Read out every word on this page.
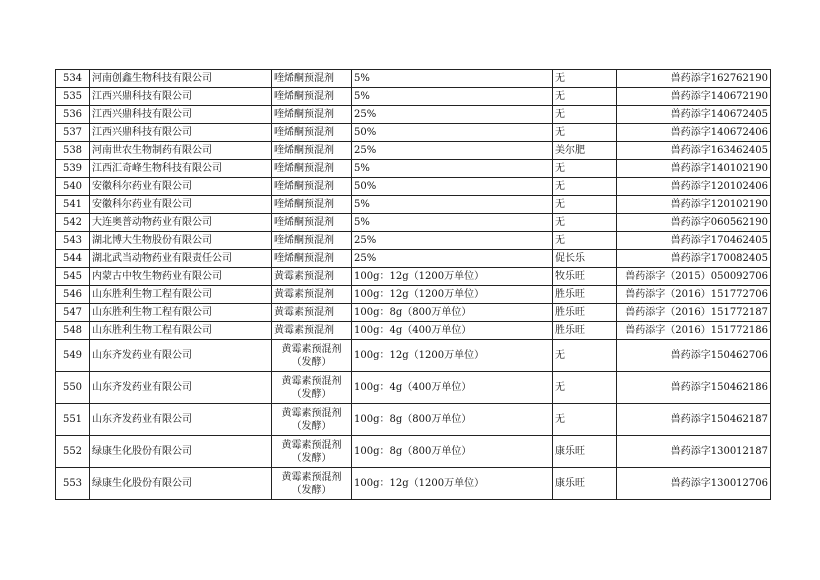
534	河南创鑫生物科技有限公司	喹烯酮预混剂	5%	无	兽药添字162762190
535	江西兴鼎科技有限公司	喹烯酮预混剂	5%	无	兽药添字140672190
536	江西兴鼎科技有限公司	喹烯酮预混剂	25%	无	兽药添字140672405
537	江西兴鼎科技有限公司	喹烯酮预混剂	50%	无	兽药添字140672406
538	河南世农生物制药有限公司	喹烯酮预混剂	25%	美尔肥	兽药添字163462405
539	江西汇奇峰生物科技有限公司	喹烯酮预混剂	5%	无	兽药添字140102190
540	安徽科尔药业有限公司	喹烯酮预混剂	50%	无	兽药添字120102406
541	安徽科尔药业有限公司	喹烯酮预混剂	5%	无	兽药添字120102190
542	大连奥普动物药业有限公司	喹烯酮预混剂	5%	无	兽药添字060562190
543	湖北博大生物股份有限公司	喹烯酮预混剂	25%	无	兽药添字170462405
544	湖北武当动物药业有限责任公司	喹烯酮预混剂	25%	促长乐	兽药添字170082405
545	内蒙古中牧生物药业有限公司	黄霉素预混剂	100g：12g（1200万单位）	牧乐旺	兽药添字（2015）050092706
546	山东胜利生物工程有限公司	黄霉素预混剂	100g：12g（1200万单位）	胜乐旺	兽药添字（2016）151772706
547	山东胜利生物工程有限公司	黄霉素预混剂	100g：8g（800万单位）	胜乐旺	兽药添字（2016）151772187
548	山东胜利生物工程有限公司	黄霉素预混剂	100g：4g（400万单位）	胜乐旺	兽药添字（2016）151772186
549	山东齐发药业有限公司	黄霉素预混剂（发酵）	100g：12g（1200万单位）	无	兽药添字150462706
550	山东齐发药业有限公司	黄霉素预混剂（发酵）	100g：4g（400万单位）	无	兽药添字150462186
551	山东齐发药业有限公司	黄霉素预混剂（发酵）	100g：8g（800万单位）	无	兽药添字150462187
552	绿康生化股份有限公司	黄霉素预混剂（发酵）	100g：8g（800万单位）	康乐旺	兽药添字130012187
553	绿康生化股份有限公司	黄霉素预混剂（发酵）	100g：12g（1200万单位）	康乐旺	兽药添字130012706
